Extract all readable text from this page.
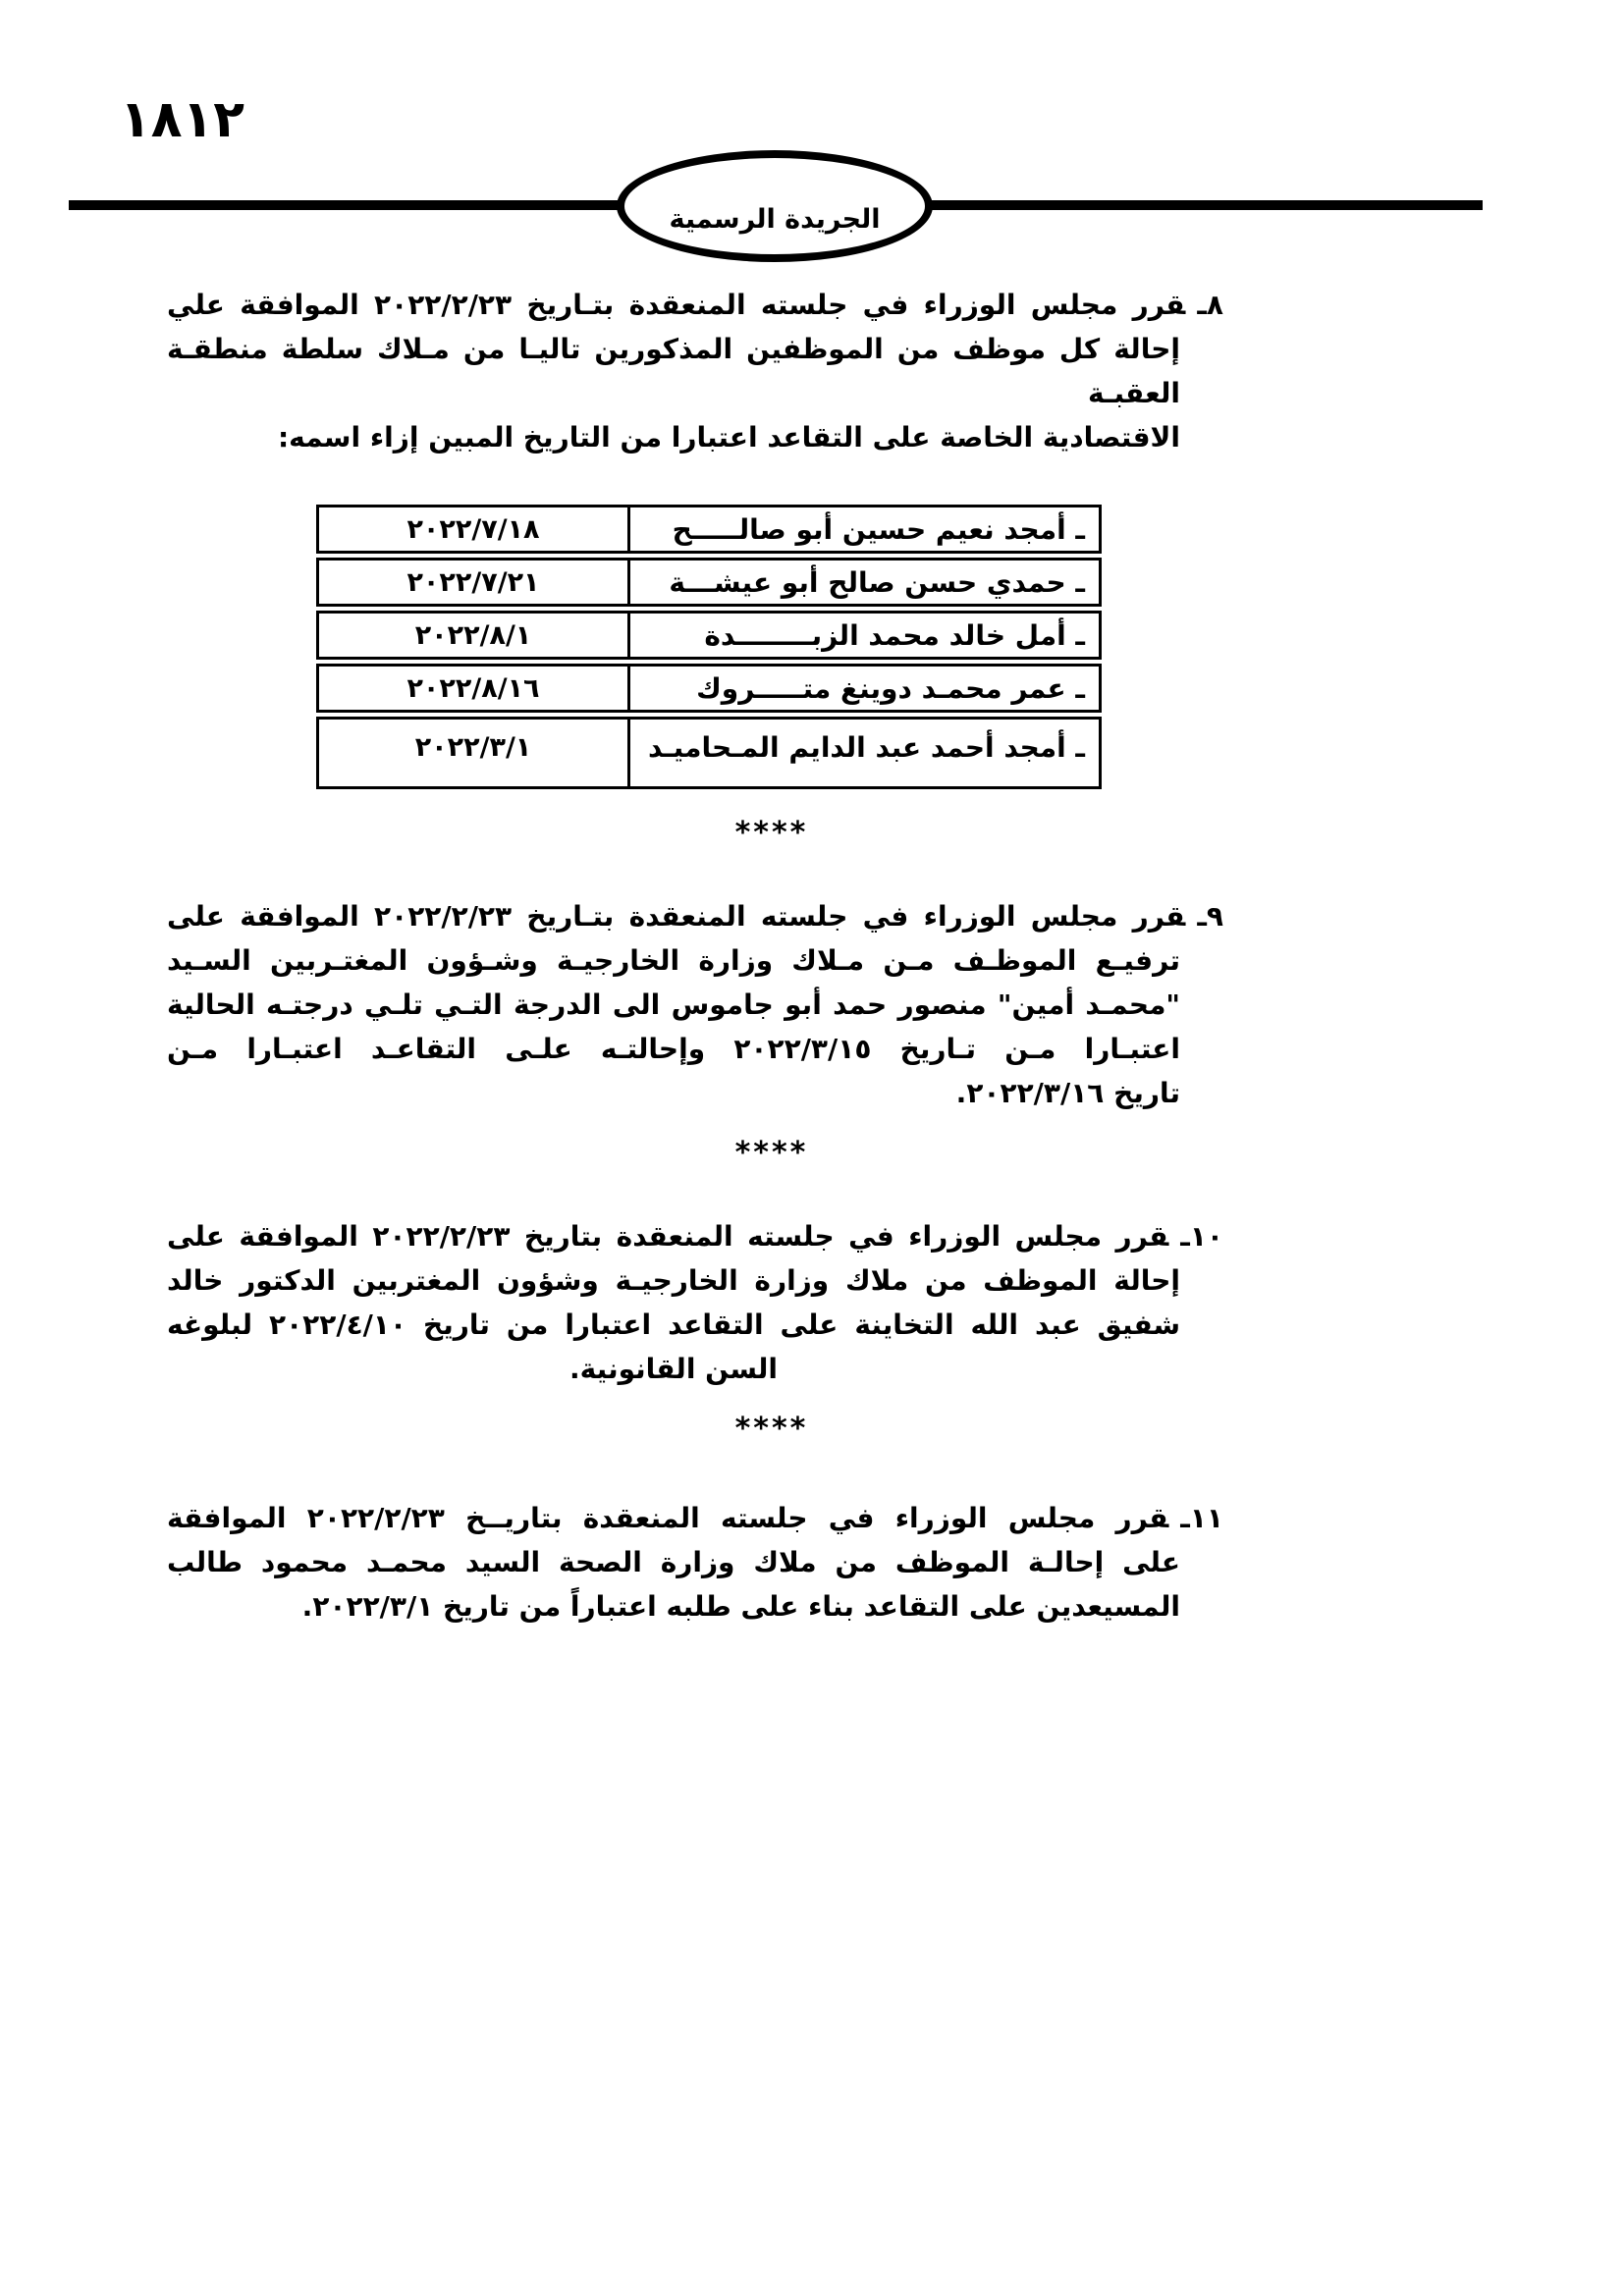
١٨١٢
الجريدة الرسمية
٨ـقرر مجلس الوزراء في جلسته المنعقدة بتـاريخ ٢٠٢٢/٢/٢٣ الموافقة علي
إحالة كل موظف من الموظفين المذكورين تاليـا من مـلاك سلطة منطقـة العقبـة
الاقتصادية الخاصة على التقاعد اعتبارا من التاريخ المبين إزاء اسمه:
ـ أمجد نعيم حسين أبو صالـــــح
٢٠٢٢/٧/١٨
ـ حمدي حسن صالح أبو عيشـــة
٢٠٢٢/٧/٢١
ـ أمل خالد محمد الزبــــــــدة
٢٠٢٢/٨/١
ـ عمر محمـد دوينغ متـــــروك
٢٠٢٢/٨/١٦
ـ أمجد أحمد عبد الدايم المـحاميـد
٢٠٢٢/٣/١
****
٩ـقرر مجلس الوزراء في جلسته المنعقدة بتـاريخ ٢٠٢٢/٢/٢٣ الموافقة على
ترفيـع الموظـف مـن مـلاك وزارة الخارجيـة وشـؤون المغتـربين السـيد
"محمـد أمين" منصور حمد أبو جاموس الى الدرجة التـي تلـي درجتـه الحالية
اعتبـارا مـن تـاريخ ٢٠٢٢/٣/١٥ وإحالتـه علـى التقاعـد اعتبـارا مـن
تاريخ ٢٠٢٢/٣/١٦.
****
١٠ـقرر مجلس الوزراء في جلسته المنعقدة بتاريخ ٢٠٢٢/٢/٢٣ الموافقة على
إحالة الموظف من ملاك وزارة الخارجيـة وشؤون المغتربين الدكتور خالد
شفيق عبد الله التخاينة على التقاعد اعتبارا من تاريخ ٢٠٢٢/٤/١٠ لبلوغه
السن القانونية.
****
١١ـقرر مجلس الوزراء في جلسته المنعقدة بتاريــخ ٢٠٢٢/٢/٢٣ الموافقة
على إحالـة الموظف من ملاك وزارة الصحة السيد محمـد محمود طالب
المسيعدين على التقاعد بناء على طلبه اعتباراً من تاريخ ٢٠٢٢/٣/١.
